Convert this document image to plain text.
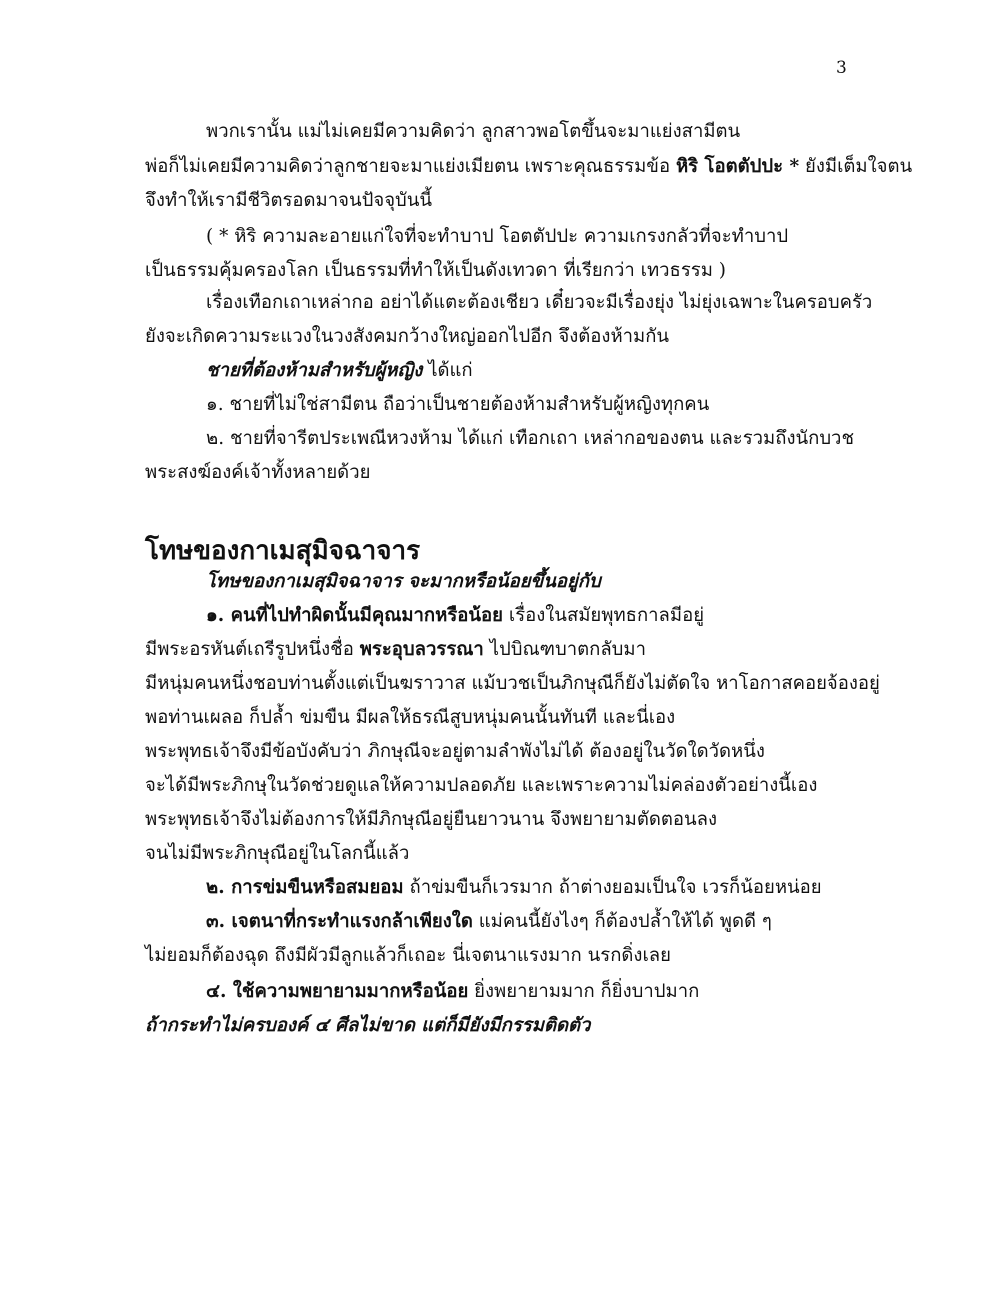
3
พวกเรานั้น แม่ไม่เคยมีความคิดว่า ลูกสาวพอโตขึ้นจะมาแย่งสามีตน
พ่อก็ไม่เคยมีความคิดว่าลูกชายจะมาแย่งเมียตน เพราะคุณธรรมข้อ หิริ โอตตัปปะ * ยังมีเต็มใจตน
จึงทำให้เรามีชีวิตรอดมาจนปัจจุบันนี้
( * หิริ ความละอายแก่ใจที่จะทำบาป โอตตัปปะ ความเกรงกลัวที่จะทำบาป
เป็นธรรมคุ้มครองโลก เป็นธรรมที่ทำให้เป็นดังเทวดา ที่เรียกว่า เทวธรรม )
เรื่องเทือกเถาเหล่ากอ อย่าได้แตะต้องเชียว เดี๋ยวจะมีเรื่องยุ่ง ไม่ยุ่งเฉพาะในครอบครัว
ยังจะเกิดความระแวงในวงสังคมกว้างใหญ่ออกไปอีก จึงต้องห้ามกัน
ชายที่ต้องห้ามสำหรับผู้หญิง ได้แก่
๑. ชายที่ไม่ใช่สามีตน ถือว่าเป็นชายต้องห้ามสำหรับผู้หญิงทุกคน
๒. ชายที่จารีตประเพณีหวงห้าม ได้แก่ เทือกเถา เหล่ากอของตน และรวมถึงนักบวช
พระสงฆ์องค์เจ้าทั้งหลายด้วย
โทษของกาเมสุมิจฉาจาร
โทษของกาเมสุมิจฉาจาร จะมากหรือน้อยขึ้นอยู่กับ
๑. คนที่ไปทำผิดนั้นมีคุณมากหรือน้อย เรื่องในสมัยพุทธกาลมีอยู่
มีพระอรหันต์เถรีรูปหนึ่งชื่อ พระอุบลวรรณา ไปบิณฑบาตกลับมา
มีหนุ่มคนหนึ่งชอบท่านตั้งแต่เป็นฆราวาส แม้บวชเป็นภิกษุณีก็ยังไม่ตัดใจ หาโอกาสคอยจ้องอยู่
พอท่านเผลอ ก็ปล้ำ ข่มขืน มีผลให้ธรณีสูบหนุ่มคนนั้นทันที และนี่เอง
พระพุทธเจ้าจึงมีข้อบังคับว่า ภิกษุณีจะอยู่ตามลำพังไม่ได้ ต้องอยู่ในวัดใดวัดหนึ่ง
จะได้มีพระภิกษุในวัดช่วยดูแลให้ความปลอดภัย และเพราะความไม่คล่องตัวอย่างนี้เอง
พระพุทธเจ้าจึงไม่ต้องการให้มีภิกษุณีอยู่ยืนยาวนาน จึงพยายามตัดตอนลง
จนไม่มีพระภิกษุณีอยู่ในโลกนี้แล้ว
๒. การข่มขืนหรือสมยอม ถ้าข่มขืนก็เวรมาก ถ้าต่างยอมเป็นใจ เวรก็น้อยหน่อย
๓. เจตนาที่กระทำแรงกล้าเพียงใด แม่คนนี้ยังไงๆ ก็ต้องปล้ำให้ได้ พูดดี ๆ
ไม่ยอมก็ต้องฉุด ถึงมีผัวมีลูกแล้วก็เถอะ นี่เจตนาแรงมาก นรกดิ่งเลย
๔. ใช้ความพยายามมากหรือน้อย ยิ่งพยายามมาก ก็ยิ่งบาปมาก
ถ้ากระทำไม่ครบองค์ ๔ ศีลไม่ขาด แต่ก็มียังมีกรรมติดตัว
